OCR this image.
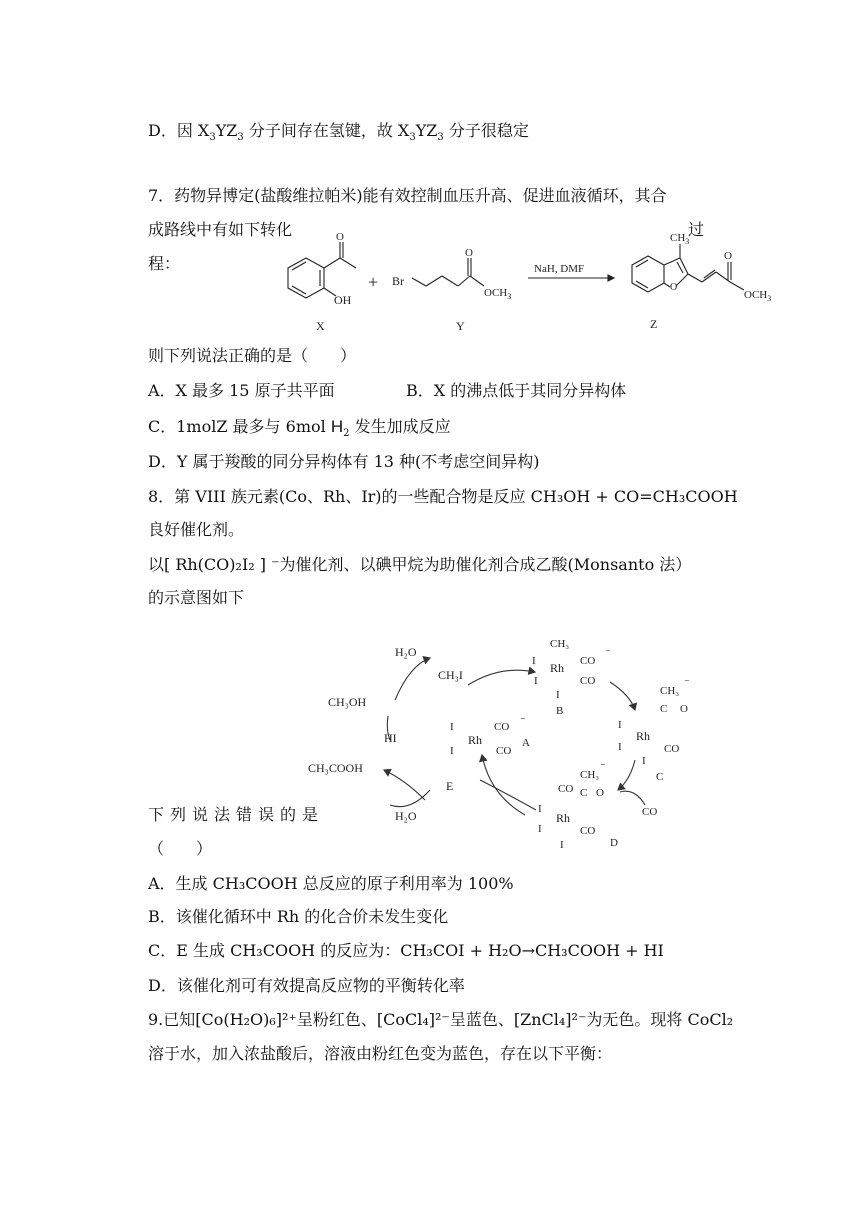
D．因 $X_3YZ_3$ 分子间存在氢键，故 $X_3YZ_3$ 分子很稳定
7．药物异博定(盐酸维拉帕米)能有效控制血压升高、促进血液循环，其合
成路线中有如下转化	过
程：
O
OH
X
+ Br
O
$OCH_3$
Y
NaH, DMF
O
$CH_3$
O
$OCH_3$
Z
则下列说法正确的是（　　）
A．X 最多 15 原子共平面	B．X 的沸点低于其同分异构体
C．1molZ 最多与 6mol $H_2$ 发生加成反应
D．Y 属于羧酸的同分异构体有 13 种(不考虑空间异构)
8．第 VIII 族元素(Co、Rh、Ir)的一些配合物是反应 CH₃OH + CO=CH₃COOH
良好催化剂。
以[ Rh(CO)₂I₂ ] ⁻为催化剂、以碘甲烷为助催化剂合成乙酸(Monsanto 法）
的示意图如下
H₂O
CH₃OH
CH₃I
HI
CH₃COOH
E
H₂O
Rh
I
I
CO
CO
⁻
A
CH₃
Rh
I
I
CO
CO
⁻
I
B
CH₃
C O
Rh
I
I	CO
⁻
I
C
CO
CH₃
C O
Rh
I
I	CO
⁻
I	D
CO
下列说法错误的是
（　　）
A．生成 CH₃COOH 总反应的原子利用率为 100%
B．该催化循环中 Rh 的化合价未发生变化
C．E 生成 CH₃COOH 的反应为：CH₃COI + H₂O→CH₃COOH + HI
D．该催化剂可有效提高反应物的平衡转化率
9.已知[Co(H₂O)₆]²⁺呈粉红色、[CoCl₄]²⁻呈蓝色、[ZnCl₄]²⁻为无色。现将 CoCl₂
溶于水，加入浓盐酸后，溶液由粉红色变为蓝色，存在以下平衡：
